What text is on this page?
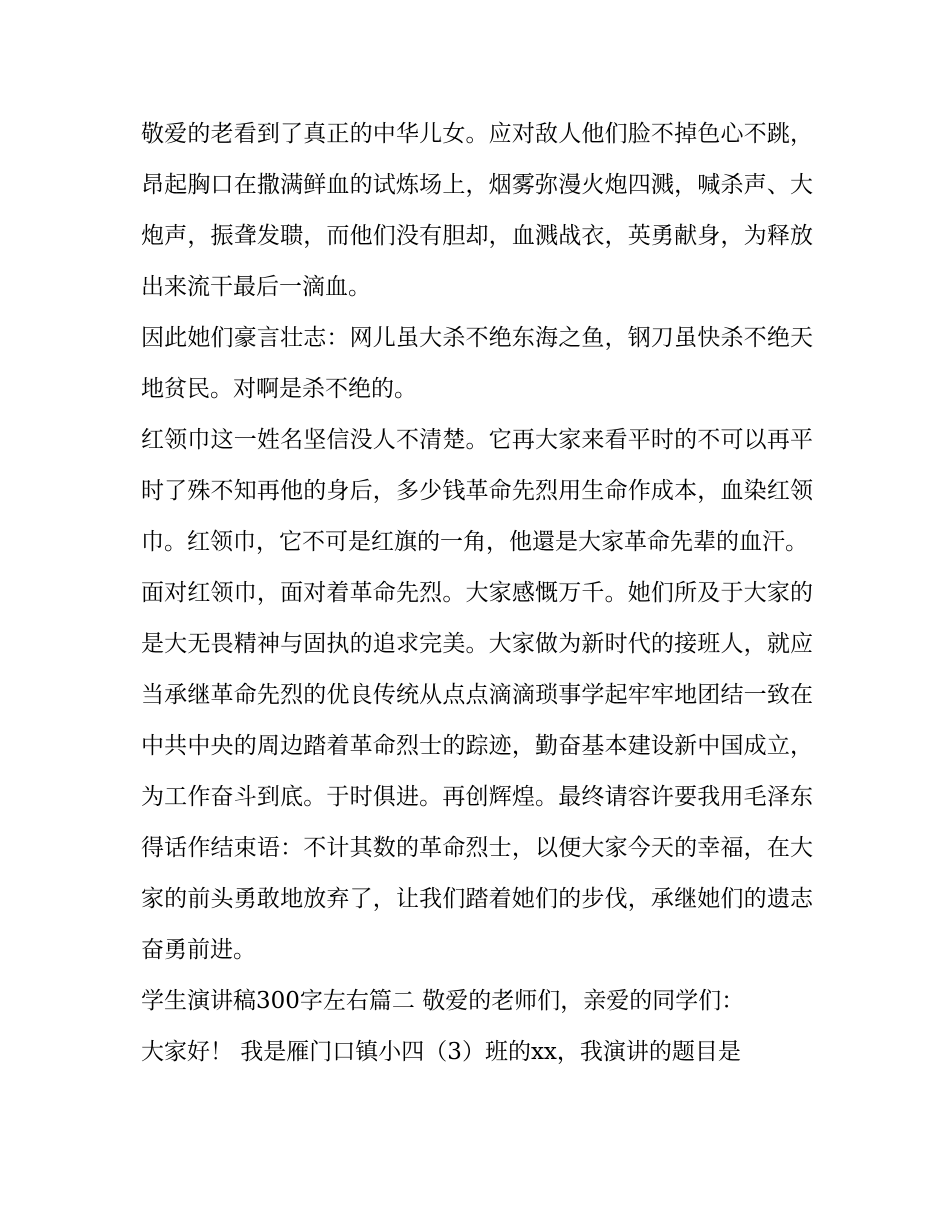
敬爱的老看到了真正的中华儿女。应对敌人他们脸不掉色心不跳，昂起胸口在撒满鲜血的试炼场上，烟雾弥漫火炮四溅，喊杀声、大炮声，振聋发聩，而他们没有胆却，血溅战衣，英勇献身，为释放出来流干最后一滴血。

因此她们豪言壮志：网儿虽大杀不绝东海之鱼，钢刀虽快杀不绝天地贫民。对啊是杀不绝的。

红领巾这一姓名坚信没人不清楚。它再大家来看平时的不可以再平时了殊不知再他的身后，多少钱革命先烈用生命作成本，血染红领巾。红领巾，它不可是红旗的一角，他還是大家革命先辈的血汗。

面对红领巾，面对着革命先烈。大家感慨万千。她们所及于大家的是大无畏精神与固执的追求完美。大家做为新时代的接班人，就应当承继革命先烈的优良传统从点点滴滴琐事学起牢牢地团结一致在中共中央的周边踏着革命烈士的踪迹，勤奋基本建设新中国成立，为工作奋斗到底。于时俱进。再创辉煌。最终请容许要我用毛泽东得话作结束语：不计其数的革命烈士，以便大家今天的幸福，在大家的前头勇敢地放弃了，让我们踏着她们的步伐，承继她们的遗志奋勇前进。

学生演讲稿300字左右篇二 敬爱的老师们，亲爱的同学们：

大家好！ 我是雁门口镇小四（3）班的xx，我演讲的题目是
